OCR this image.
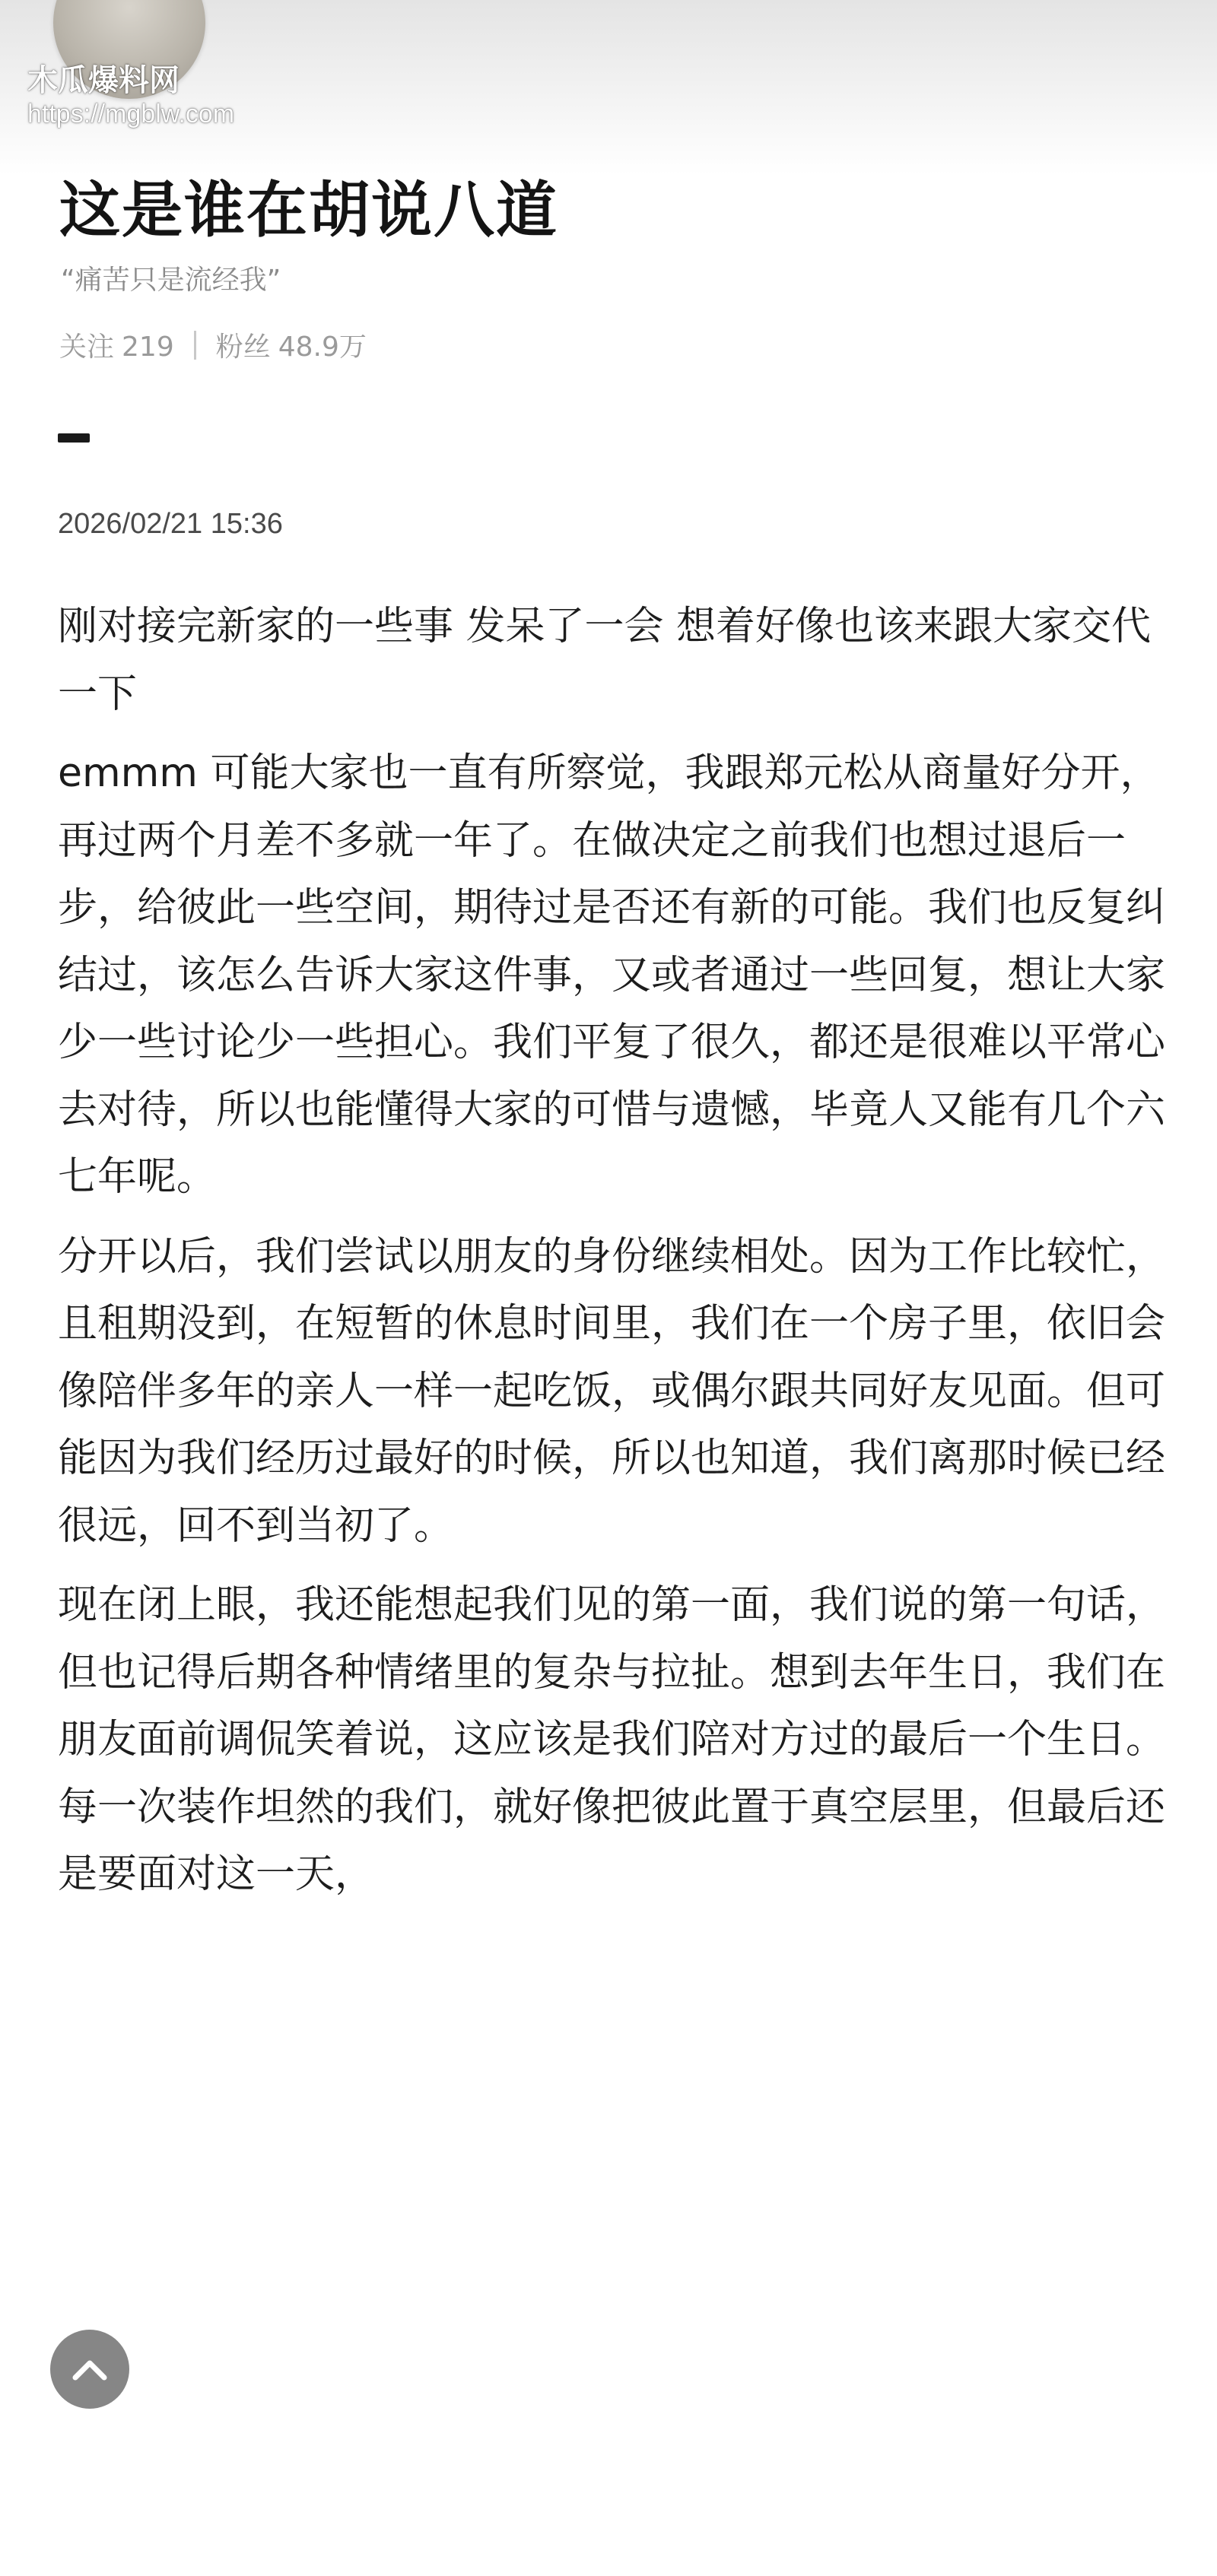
木瓜爆料网
https://mgblw.com
这是谁在胡说八道
“痛苦只是流经我”
关注 219 粉丝 48.9万
2026/02/21 15:36

刚对接完新家的一些事 发呆了一会 想着好像也该来跟大家交代一下

emmm 可能大家也一直有所察觉，我跟郑元松从商量好分开，再过两个月差不多就一年了。在做决定之前我们也想过退后一步，给彼此一些空间，期待过是否还有新的可能。我们也反复纠结过，该怎么告诉大家这件事，又或者通过一些回复，想让大家少一些讨论少一些担心。我们平复了很久，都还是很难以平常心去对待，所以也能懂得大家的可惜与遗憾，毕竟人又能有几个六七年呢。

分开以后，我们尝试以朋友的身份继续相处。因为工作比较忙，且租期没到，在短暂的休息时间里，我们在一个房子里，依旧会像陪伴多年的亲人一样一起吃饭，或偶尔跟共同好友见面。但可能因为我们经历过最好的时候，所以也知道，我们离那时候已经很远，回不到当初了。

现在闭上眼，我还能想起我们见的第一面，我们说的第一句话，但也记得后期各种情绪里的复杂与拉扯。想到去年生日，我们在朋友面前调侃笑着说，这应该是我们陪对方过的最后一个生日。每一次装作坦然的我们，就好像把彼此置于真空层里，但最后还是要面对这一天，
